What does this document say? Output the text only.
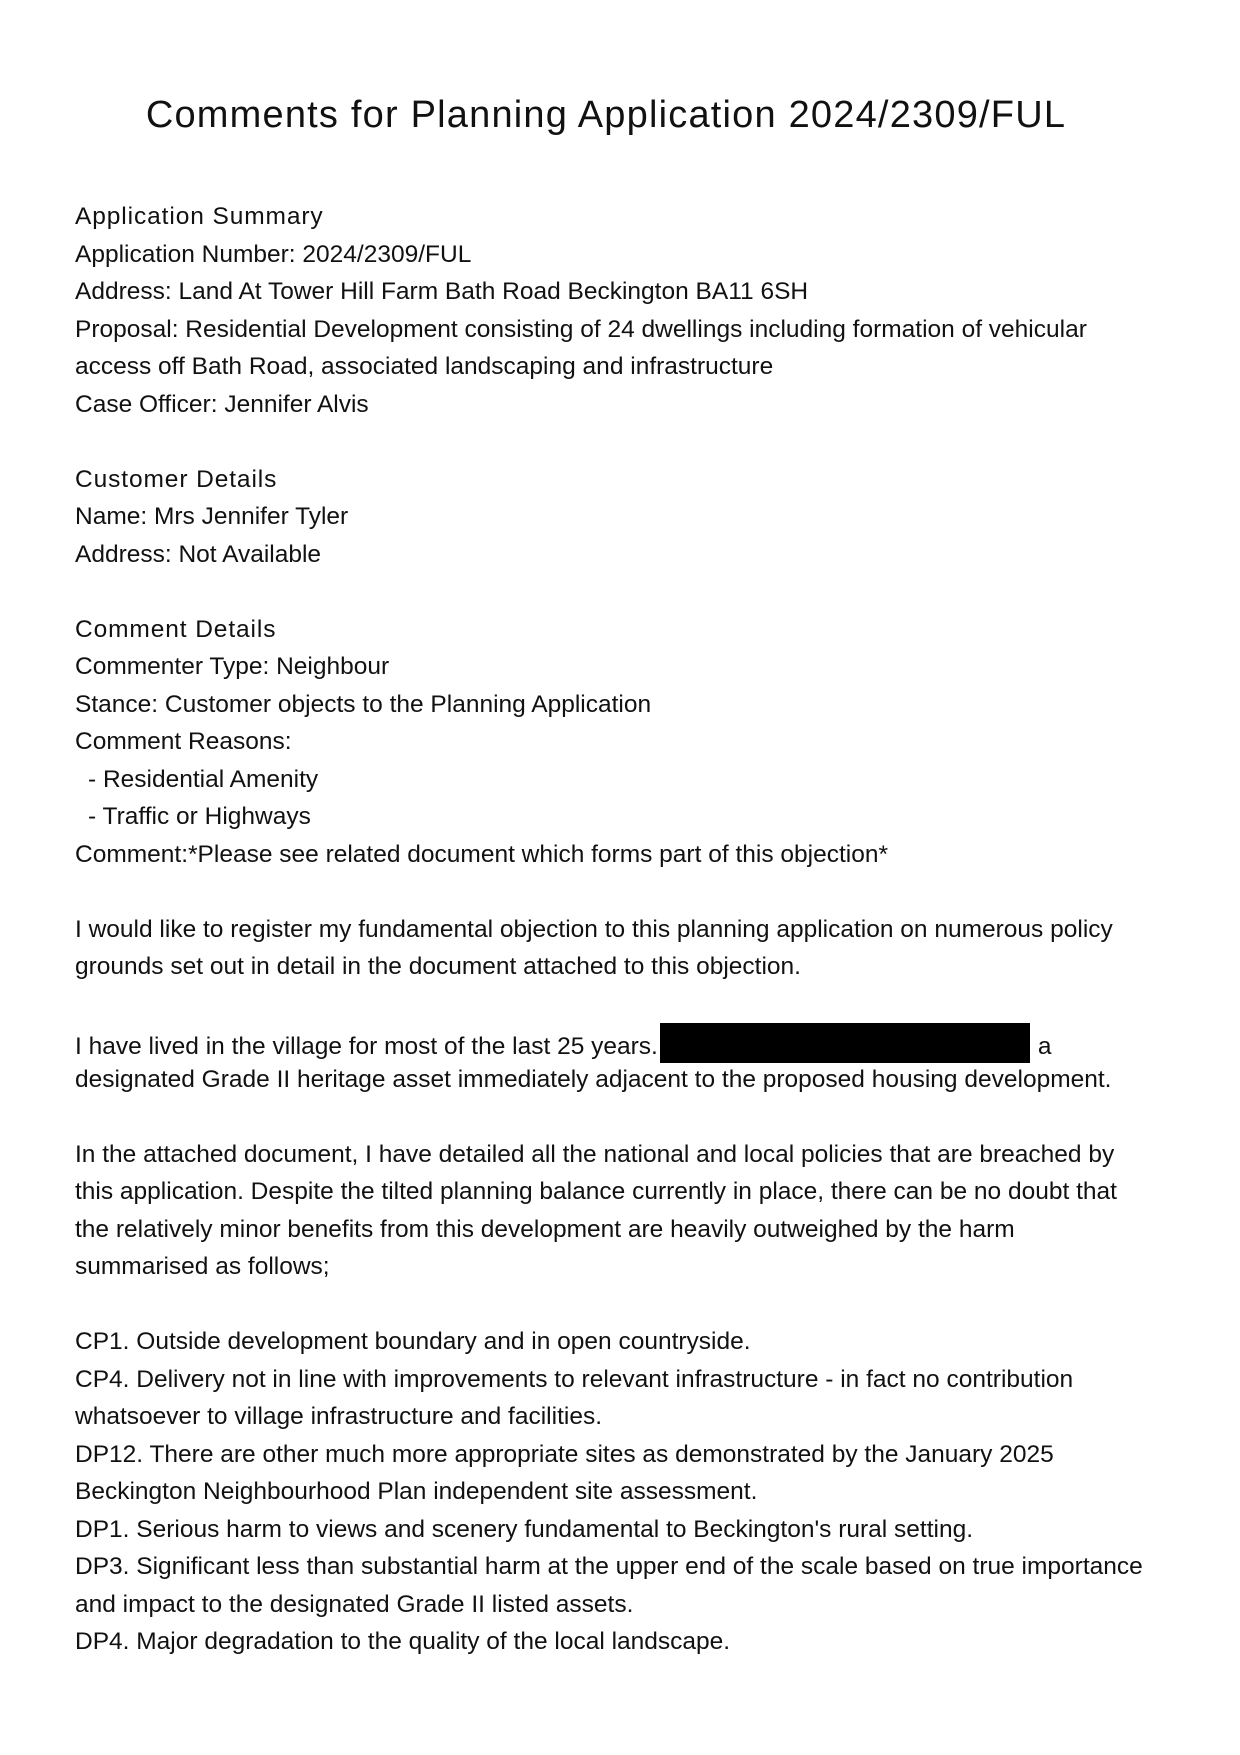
Comments for Planning Application 2024/2309/FUL
Application Summary
Application Number: 2024/2309/FUL
Address: Land At Tower Hill Farm Bath Road Beckington BA11 6SH
Proposal: Residential Development consisting of 24 dwellings including formation of vehicular
access off Bath Road, associated landscaping and infrastructure
Case Officer: Jennifer Alvis
Customer Details
Name: Mrs Jennifer Tyler
Address: Not Available
Comment Details
Commenter Type: Neighbour
Stance: Customer objects to the Planning Application
Comment Reasons:
- Residential Amenity
- Traffic or Highways
Comment:*Please see related document which forms part of this objection*
I would like to register my fundamental objection to this planning application on numerous policy
grounds set out in detail in the document attached to this objection.
I have lived in the village for most of the last 25 years.	a
designated Grade II heritage asset immediately adjacent to the proposed housing development.
In the attached document, I have detailed all the national and local policies that are breached by
this application. Despite the tilted planning balance currently in place, there can be no doubt that
the relatively minor benefits from this development are heavily outweighed by the harm
summarised as follows;
CP1. Outside development boundary and in open countryside.
CP4. Delivery not in line with improvements to relevant infrastructure - in fact no contribution
whatsoever to village infrastructure and facilities.
DP12. There are other much more appropriate sites as demonstrated by the January 2025
Beckington Neighbourhood Plan independent site assessment.
DP1. Serious harm to views and scenery fundamental to Beckington's rural setting.
DP3. Significant less than substantial harm at the upper end of the scale based on true importance
and impact to the designated Grade II listed assets.
DP4. Major degradation to the quality of the local landscape.
